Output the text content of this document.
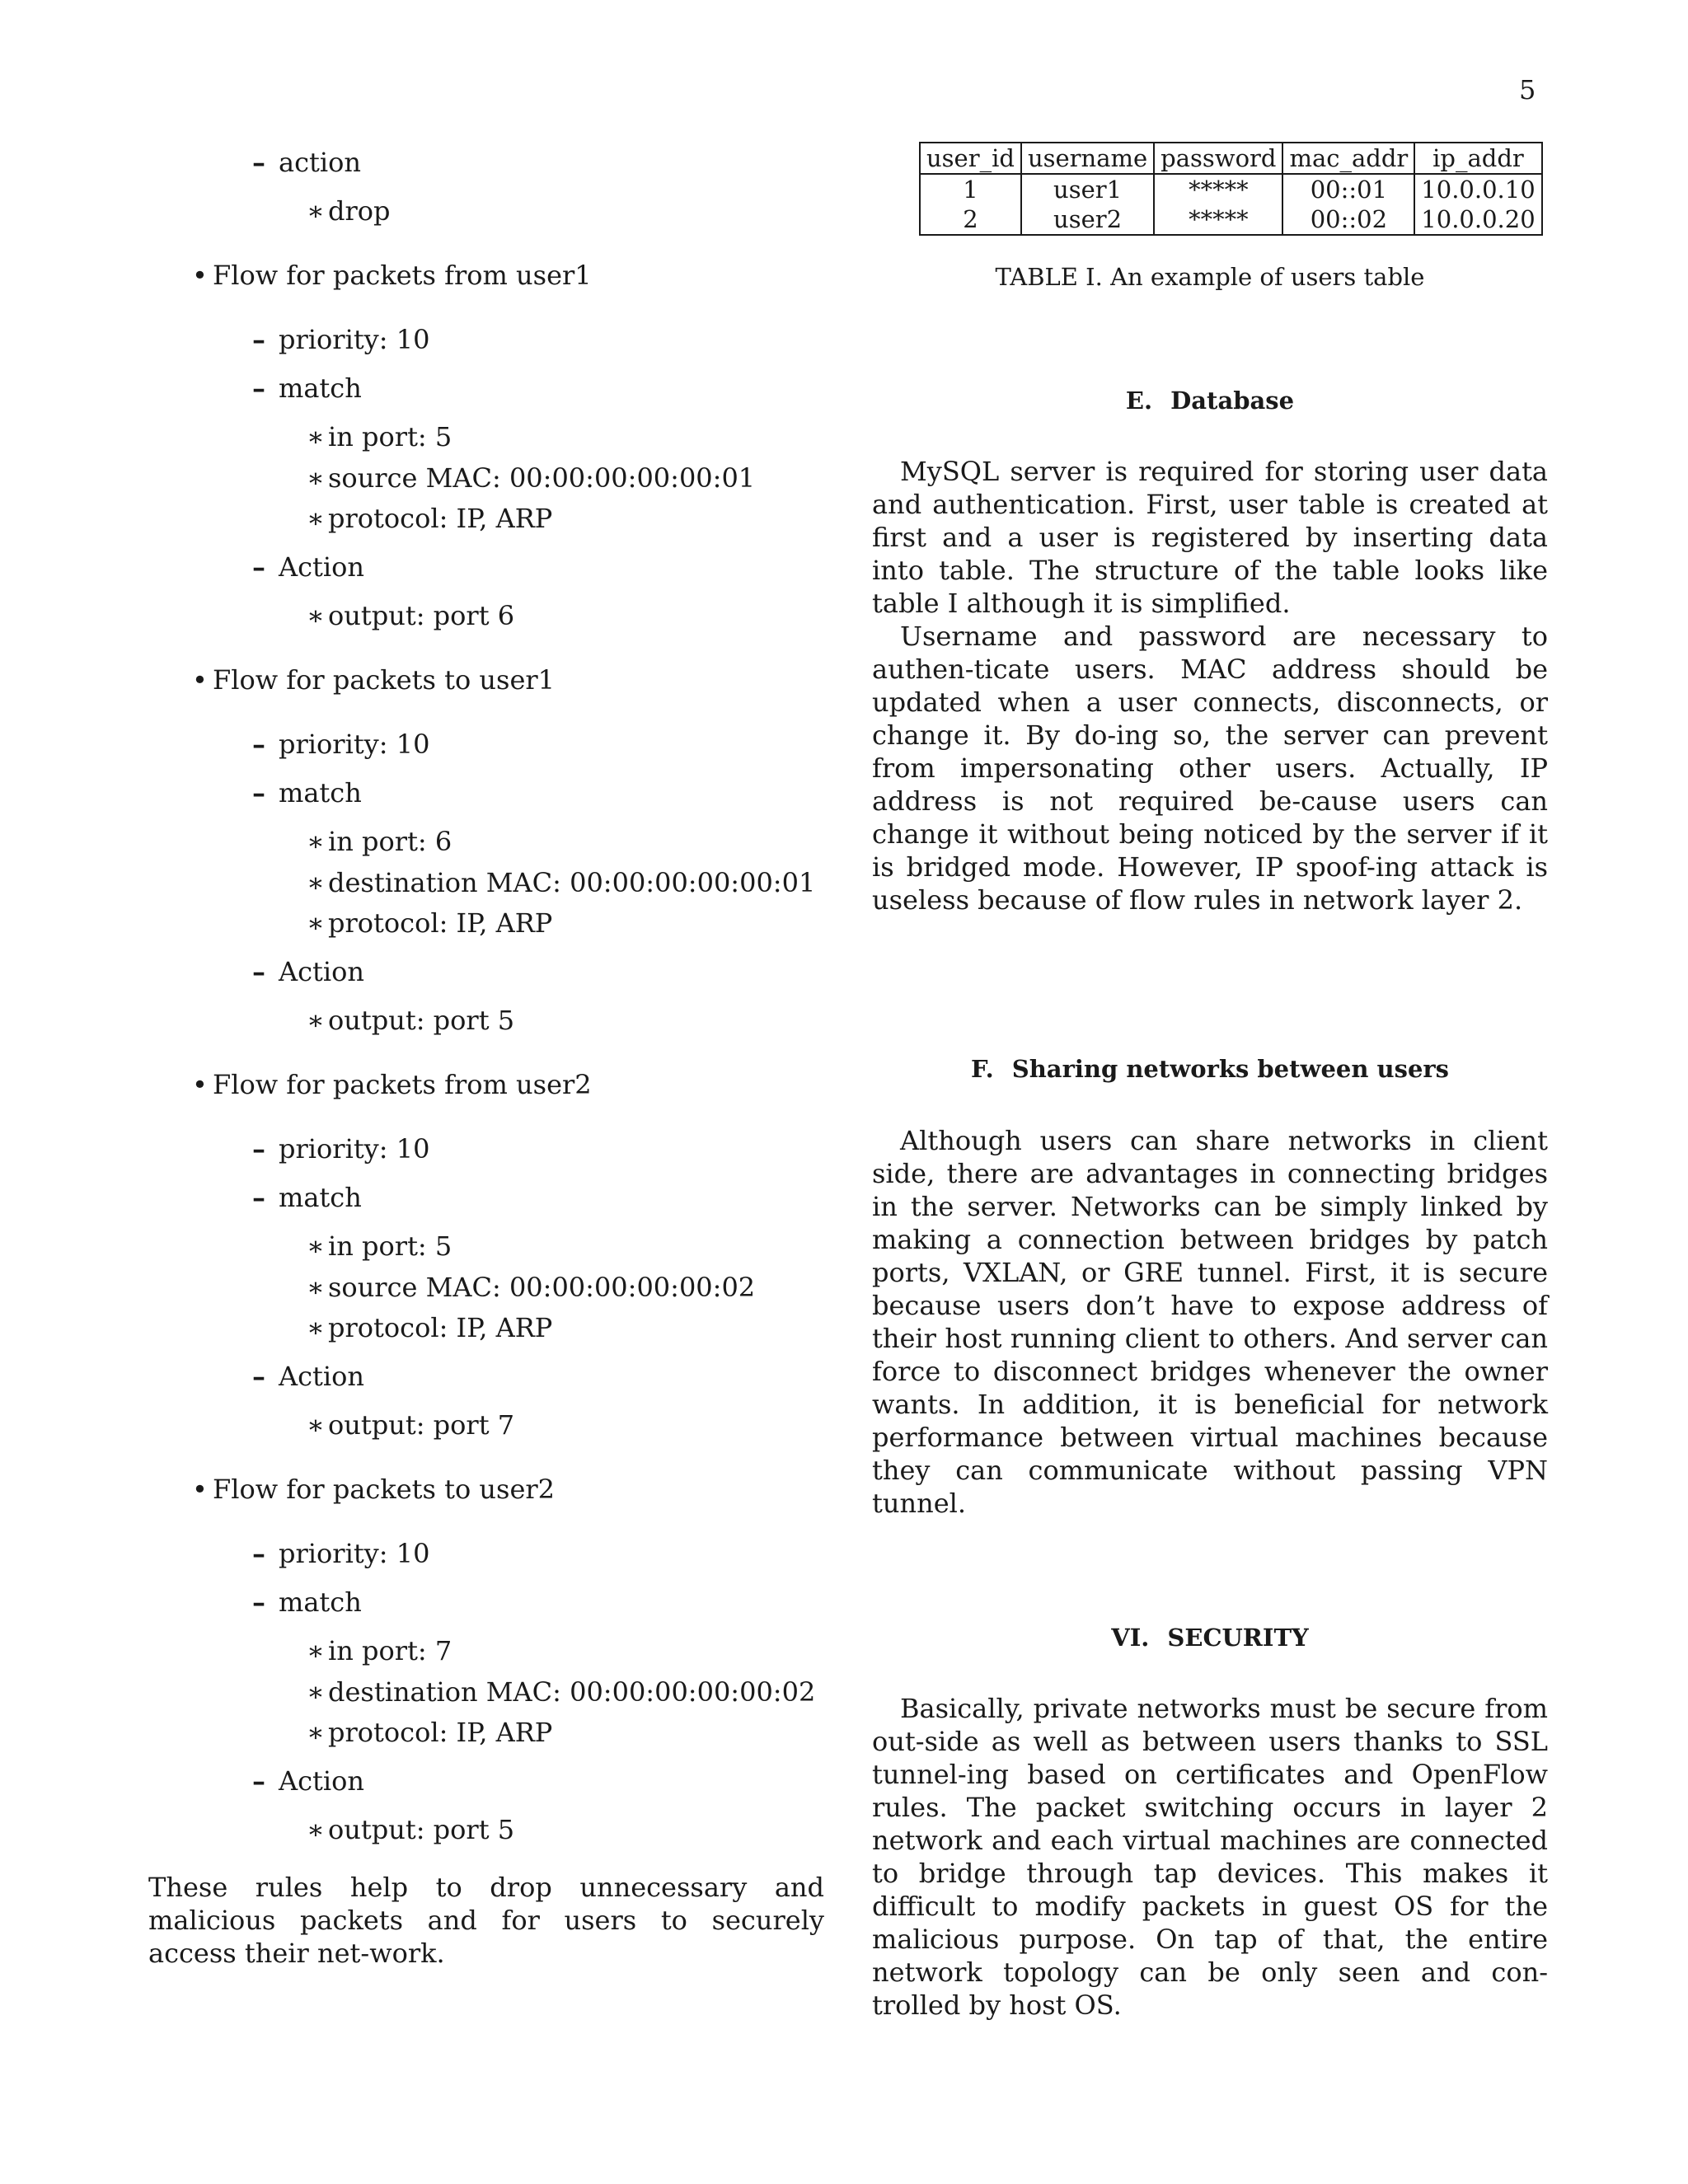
5
– action
∗ drop
• Flow for packets from user1
– priority: 10
– match
∗ in port: 5
∗ source MAC: 00:00:00:00:00:01
∗ protocol: IP, ARP
– Action
∗ output: port 6
• Flow for packets to user1
– priority: 10
– match
∗ in port: 6
∗ destination MAC: 00:00:00:00:00:01
∗ protocol: IP, ARP
– Action
∗ output: port 5
• Flow for packets from user2
– priority: 10
– match
∗ in port: 5
∗ source MAC: 00:00:00:00:00:02
∗ protocol: IP, ARP
– Action
∗ output: port 7
• Flow for packets to user2
– priority: 10
– match
∗ in port: 7
∗ destination MAC: 00:00:00:00:00:02
∗ protocol: IP, ARP
– Action
∗ output: port 5
These rules help to drop unnecessary and malicious packets and for users to securely access their net-work.
user_id	username	password	mac_addr	ip_addr
1	user1	*****	00::01	10.0.0.10
2	user2	*****	00::02	10.0.0.20
TABLE I. An example of users table
E. Database
MySQL server is required for storing user data and authentication. First, user table is created at first and a user is registered by inserting data into table. The structure of the table looks like table I although it is simplified.
Username and password are necessary to authen-ticate users. MAC address should be updated when a user connects, disconnects, or change it. By do-ing so, the server can prevent from impersonating other users. Actually, IP address is not required be-cause users can change it without being noticed by the server if it is bridged mode. However, IP spoof-ing attack is useless because of flow rules in network layer 2.
F. Sharing networks between users
Although users can share networks in client side, there are advantages in connecting bridges in the server. Networks can be simply linked by making a connection between bridges by patch ports, VXLAN, or GRE tunnel. First, it is secure because users don’t have to expose address of their host running client to others. And server can force to disconnect bridges whenever the owner wants. In addition, it is beneficial for network performance between virtual machines because they can communicate without passing VPN tunnel.
VI. SECURITY
Basically, private networks must be secure from out-side as well as between users thanks to SSL tunnel-ing based on certificates and OpenFlow rules. The packet switching occurs in layer 2 network and each virtual machines are connected to bridge through tap devices. This makes it difficult to modify packets in guest OS for the malicious purpose. On tap of that, the entire network topology can be only seen and con-trolled by host OS.
